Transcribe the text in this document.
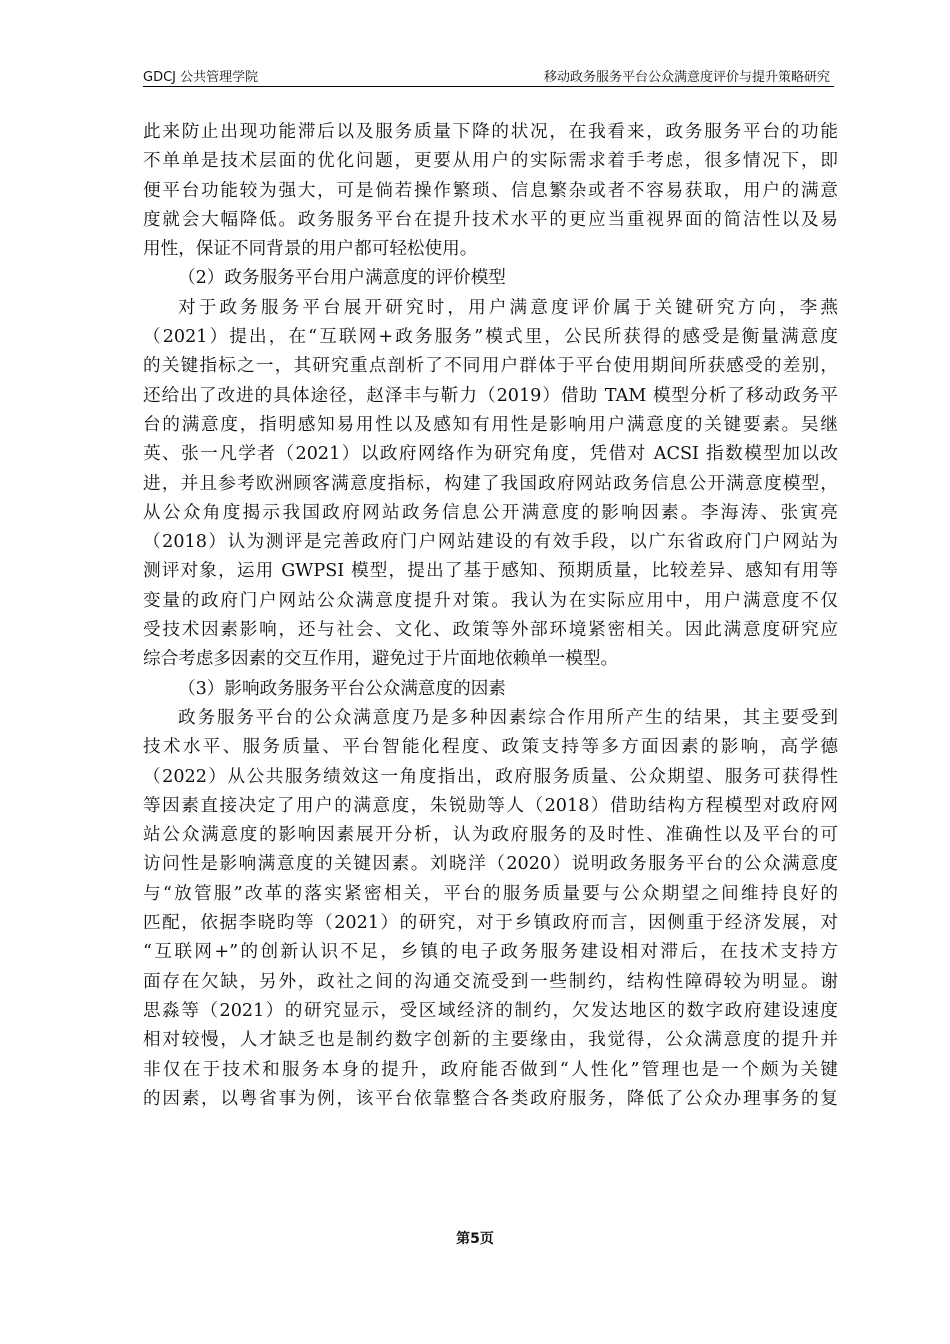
GDCJ 公共管理学院	移动政务服务平台公众满意度评价与提升策略研究
此来防止出现功能滞后以及服务质量下降的状况，在我看来，政务服务平台的功能
不单单是技术层面的优化问题，更要从用户的实际需求着手考虑，很多情况下，即
便平台功能较为强大，可是倘若操作繁琐、信息繁杂或者不容易获取，用户的满意
度就会大幅降低。政务服务平台在提升技术水平的更应当重视界面的简洁性以及易
用性，保证不同背景的用户都可轻松使用。
（2）政务服务平台用户满意度的评价模型
对于政务服务平台展开研究时，用户满意度评价属于关键研究方向，李燕
（2021）提出，在“互联网+政务服务”模式里，公民所获得的感受是衡量满意度
的关键指标之一，其研究重点剖析了不同用户群体于平台使用期间所获感受的差别，
还给出了改进的具体途径，赵泽丰与靳力（2019）借助 TAM 模型分析了移动政务平
台的满意度，指明感知易用性以及感知有用性是影响用户满意度的关键要素。吴继
英、张一凡学者（2021）以政府网络作为研究角度，凭借对 ACSI 指数模型加以改
进，并且参考欧洲顾客满意度指标，构建了我国政府网站政务信息公开满意度模型，
从公众角度揭示我国政府网站政务信息公开满意度的影响因素。李海涛、张寅亮
（2018）认为测评是完善政府门户网站建设的有效手段，以广东省政府门户网站为
测评对象，运用 GWPSI 模型，提出了基于感知、预期质量，比较差异、感知有用等
变量的政府门户网站公众满意度提升对策。我认为在实际应用中，用户满意度不仅
受技术因素影响，还与社会、文化、政策等外部环境紧密相关。因此满意度研究应
综合考虑多因素的交互作用，避免过于片面地依赖单一模型。
（3）影响政务服务平台公众满意度的因素
政务服务平台的公众满意度乃是多种因素综合作用所产生的结果，其主要受到
技术水平、服务质量、平台智能化程度、政策支持等多方面因素的影响，高学德
（2022）从公共服务绩效这一角度指出，政府服务质量、公众期望、服务可获得性
等因素直接决定了用户的满意度，朱锐勋等人（2018）借助结构方程模型对政府网
站公众满意度的影响因素展开分析，认为政府服务的及时性、准确性以及平台的可
访问性是影响满意度的关键因素。刘晓洋（2020）说明政务服务平台的公众满意度
与“放管服”改革的落实紧密相关，平台的服务质量要与公众期望之间维持良好的
匹配，依据李晓昀等（2021）的研究，对于乡镇政府而言，因侧重于经济发展，对
“互联网+”的创新认识不足，乡镇的电子政务服务建设相对滞后，在技术支持方
面存在欠缺，另外，政社之间的沟通交流受到一些制约，结构性障碍较为明显。谢
思淼等（2021）的研究显示，受区域经济的制约，欠发达地区的数字政府建设速度
相对较慢，人才缺乏也是制约数字创新的主要缘由，我觉得，公众满意度的提升并
非仅在于技术和服务本身的提升，政府能否做到“人性化”管理也是一个颇为关键
的因素，以粤省事为例，该平台依靠整合各类政府服务，降低了公众办理事务的复
第5页
